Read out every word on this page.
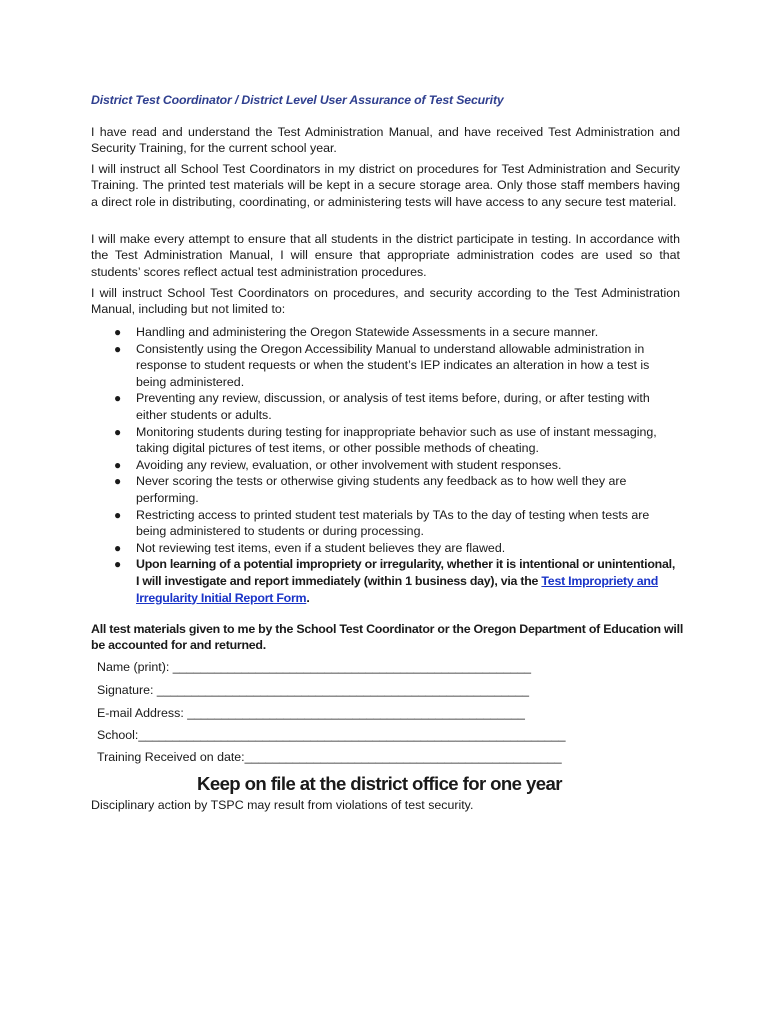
District Test Coordinator / District Level User Assurance of Test Security
I have read and understand the Test Administration Manual, and have received Test Administration and Security Training, for the current school year.
I will instruct all School Test Coordinators in my district on procedures for Test Administration and Security Training. The printed test materials will be kept in a secure storage area. Only those staff members having a direct role in distributing, coordinating, or administering tests will have access to any secure test material.
I will make every attempt to ensure that all students in the district participate in testing. In accordance with the Test Administration Manual, I will ensure that appropriate administration codes are used so that students’ scores reflect actual test administration procedures.
I will instruct School Test Coordinators on procedures, and security according to the Test Administration Manual, including but not limited to:
● Handling and administering the Oregon Statewide Assessments in a secure manner.
● Consistently using the Oregon Accessibility Manual to understand allowable administration in response to student requests or when the student’s IEP indicates an alteration in how a test is being administered.
● Preventing any review, discussion, or analysis of test items before, during, or after testing with either students or adults.
● Monitoring students during testing for inappropriate behavior such as use of instant messaging, taking digital pictures of test items, or other possible methods of cheating.
● Avoiding any review, evaluation, or other involvement with student responses.
● Never scoring the tests or otherwise giving students any feedback as to how well they are performing.
● Restricting access to printed student test materials by TAs to the day of testing when tests are being administered to students or during processing.
● Not reviewing test items, even if a student believes they are flawed.
● Upon learning of a potential impropriety or irregularity, whether it is intentional or unintentional, I will investigate and report immediately (within 1 business day), via the Test Impropriety and Irregularity Initial Report Form.
All test materials given to me by the School Test Coordinator or the Oregon Department of Education will be accounted for and returned.
Name (print): ____________________________________________________
Signature: ______________________________________________________
E-mail Address: _________________________________________________
School:______________________________________________________________
Training Received on date:______________________________________________
Keep on file at the district office for one year
Disciplinary action by TSPC may result from violations of test security.
